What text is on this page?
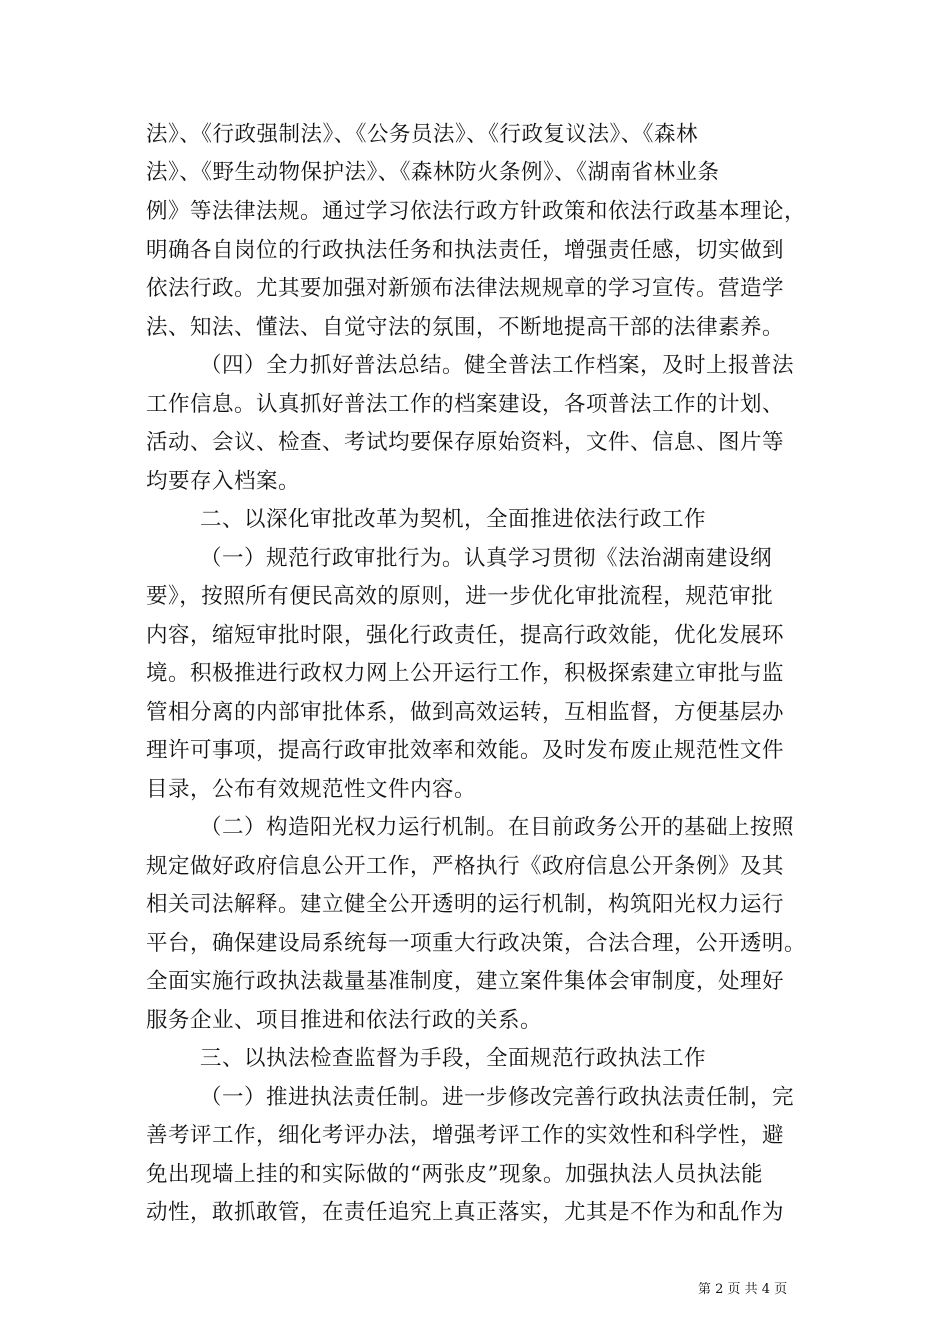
法》、《行政强制法》、《公务员法》、《行政复议法》、《森林
法》、《野生动物保护法》、《森林防火条例》、《湖南省林业条
例》等法律法规。通过学习依法行政方针政策和依法行政基本理论，
明确各自岗位的行政执法任务和执法责任，增强责任感，切实做到
依法行政。尤其要加强对新颁布法律法规规章的学习宣传。营造学
法、知法、懂法、自觉守法的氛围，不断地提高干部的法律素养。
（四）全力抓好普法总结。健全普法工作档案，及时上报普法
工作信息。认真抓好普法工作的档案建设，各项普法工作的计划、
活动、会议、检查、考试均要保存原始资料，文件、信息、图片等
均要存入档案。
二、以深化审批改革为契机，全面推进依法行政工作
（一）规范行政审批行为。认真学习贯彻《法治湖南建设纲
要》，按照所有便民高效的原则，进一步优化审批流程，规范审批
内容，缩短审批时限，强化行政责任，提高行政效能，优化发展环
境。积极推进行政权力网上公开运行工作，积极探索建立审批与监
管相分离的内部审批体系，做到高效运转，互相监督，方便基层办
理许可事项，提高行政审批效率和效能。及时发布废止规范性文件
目录，公布有效规范性文件内容。
（二）构造阳光权力运行机制。在目前政务公开的基础上按照
规定做好政府信息公开工作，严格执行《政府信息公开条例》及其
相关司法解释。建立健全公开透明的运行机制，构筑阳光权力运行
平台，确保建设局系统每一项重大行政决策，合法合理，公开透明。
全面实施行政执法裁量基准制度，建立案件集体会审制度，处理好
服务企业、项目推进和依法行政的关系。
三、以执法检查监督为手段，全面规范行政执法工作
（一）推进执法责任制。进一步修改完善行政执法责任制，完
善考评工作，细化考评办法，增强考评工作的实效性和科学性，避
免出现墙上挂的和实际做的“两张皮”现象。加强执法人员执法能
动性，敢抓敢管，在责任追究上真正落实，尤其是不作为和乱作为
第 2 页 共 4 页
